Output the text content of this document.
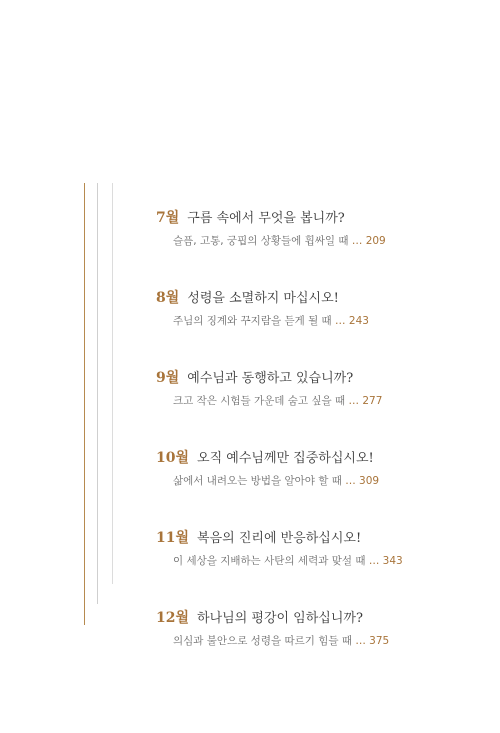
7월 구름 속에서 무엇을 봅니까?
슬픔, 고통, 궁핍의 상황들에 휩싸일 때 … 209
8월 성령을 소멸하지 마십시오!
주님의 징계와 꾸지람을 듣게 될 때 … 243
9월 예수님과 동행하고 있습니까?
크고 작은 시험들 가운데 숨고 싶을 때 … 277
10월 오직 예수님께만 집중하십시오!
삶에서 내려오는 방법을 알아야 할 때 … 309
11월 복음의 진리에 반응하십시오!
이 세상을 지배하는 사탄의 세력과 맞설 때 … 343
12월 하나님의 평강이 임하십니까?
의심과 불안으로 성령을 따르기 힘들 때 … 375
